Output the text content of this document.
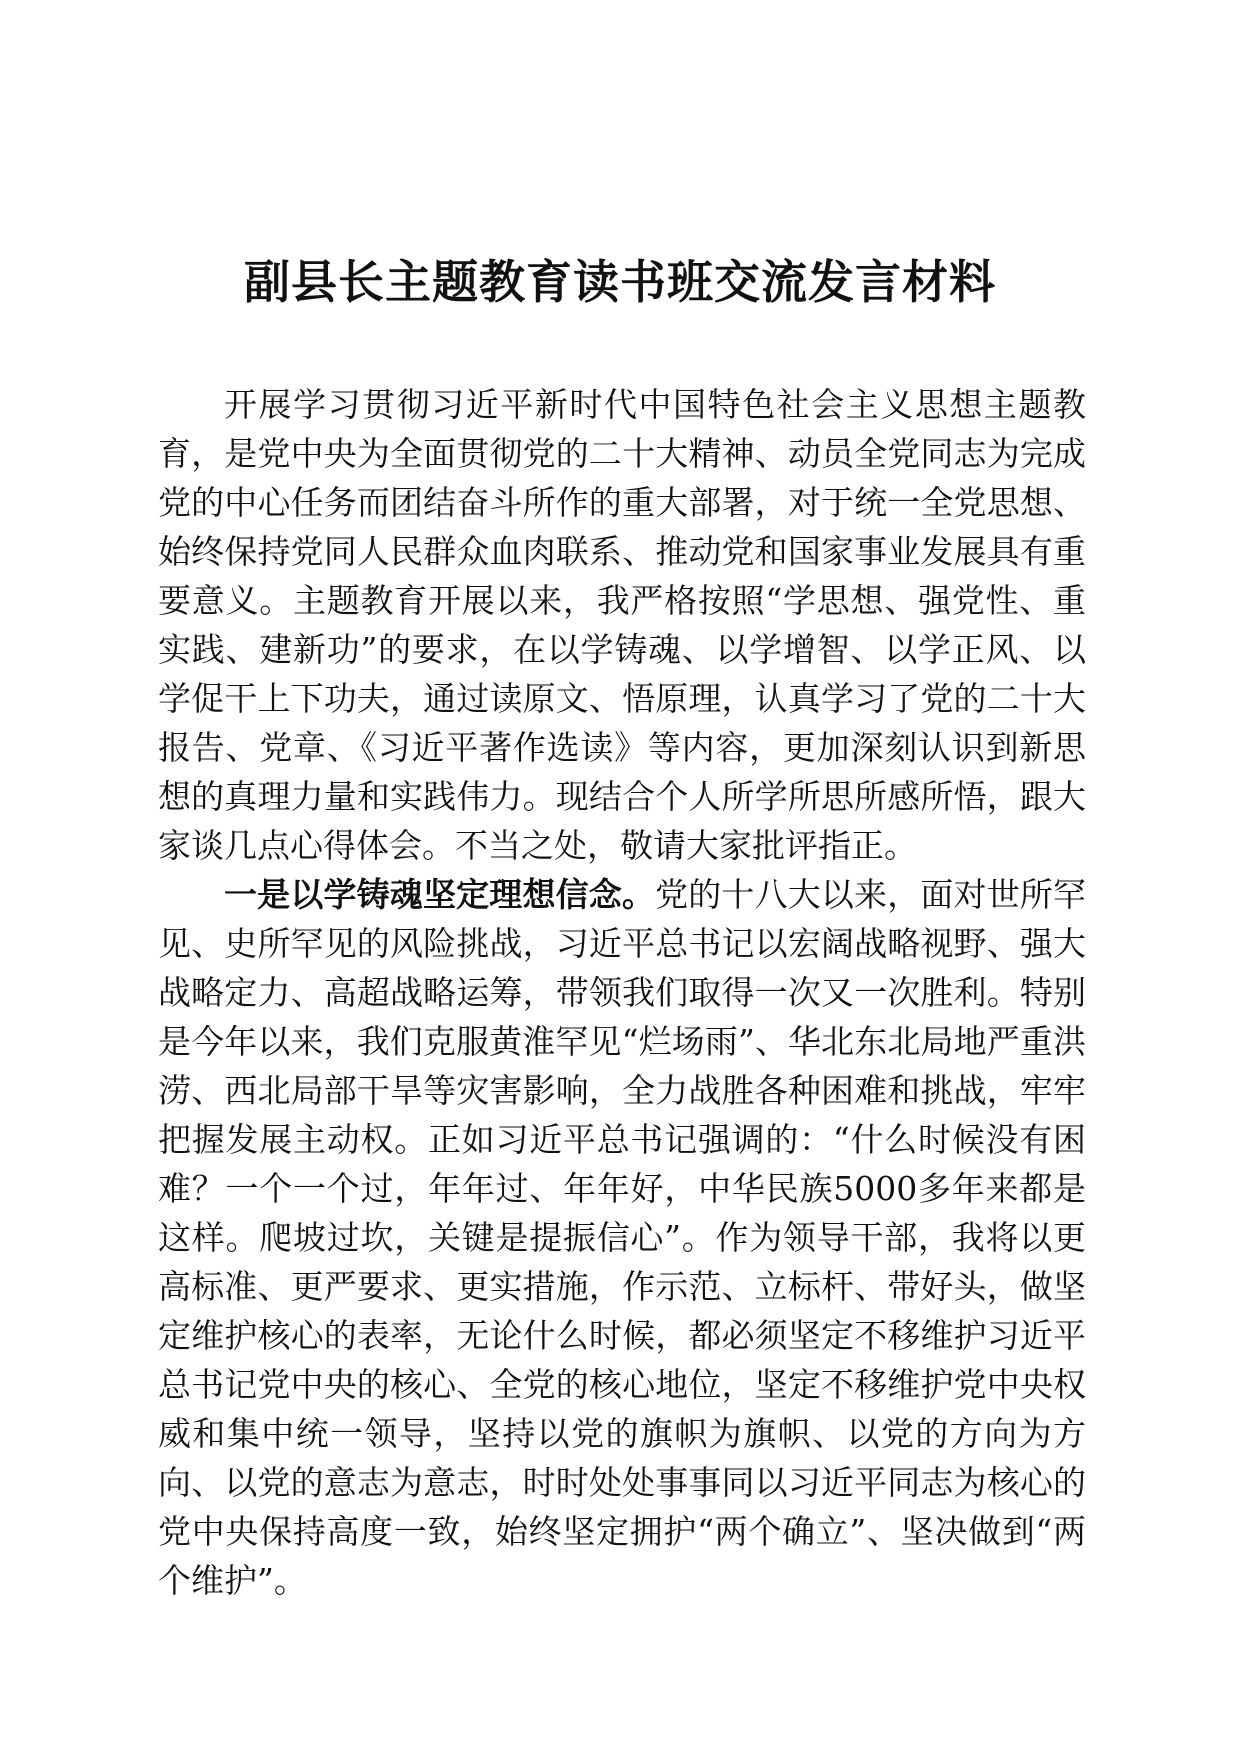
副县长主题教育读书班交流发言材料

开展学习贯彻习近平新时代中国特色社会主义思想主题教育，是党中央为全面贯彻党的二十大精神、动员全党同志为完成党的中心任务而团结奋斗所作的重大部署，对于统一全党思想、始终保持党同人民群众血肉联系、推动党和国家事业发展具有重要意义。主题教育开展以来，我严格按照“学思想、强党性、重实践、建新功”的要求，在以学铸魂、以学增智、以学正风、以学促干上下功夫，通过读原文、悟原理，认真学习了党的二十大报告、党章、《习近平著作选读》等内容，更加深刻认识到新思想的真理力量和实践伟力。现结合个人所学所思所感所悟，跟大家谈几点心得体会。不当之处，敬请大家批评指正。

一是以学铸魂坚定理想信念。党的十八大以来，面对世所罕见、史所罕见的风险挑战，习近平总书记以宏阔战略视野、强大战略定力、高超战略运筹，带领我们取得一次又一次胜利。特别是今年以来，我们克服黄淮罕见“烂场雨”、华北东北局地严重洪涝、西北局部干旱等灾害影响，全力战胜各种困难和挑战，牢牢把握发展主动权。正如习近平总书记强调的：“什么时候没有困难？一个一个过，年年过、年年好，中华民族5000多年来都是这样。爬坡过坎，关键是提振信心”。作为领导干部，我将以更高标准、更严要求、更实措施，作示范、立标杆、带好头，做坚定维护核心的表率，无论什么时候，都必须坚定不移维护习近平总书记党中央的核心、全党的核心地位，坚定不移维护党中央权威和集中统一领导，坚持以党的旗帜为旗帜、以党的方向为方向、以党的意志为意志，时时处处事事同以习近平同志为核心的党中央保持高度一致，始终坚定拥护“两个确立”、坚决做到“两个维护”。
